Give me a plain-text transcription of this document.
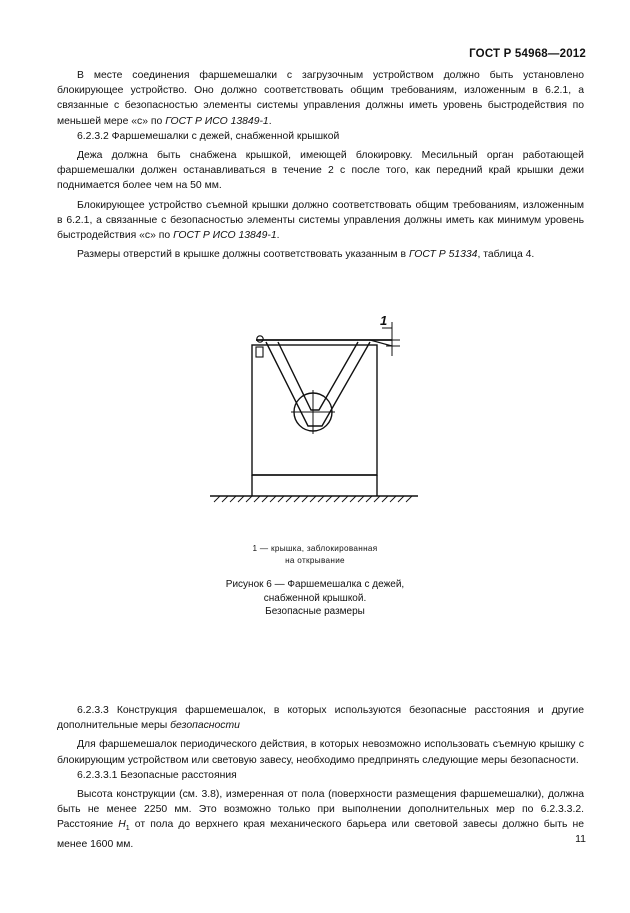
ГОСТ Р 54968—2012

В месте соединения фаршемешалки с загрузочным устройством должно быть установлено блокирующее устройство. Оно должно соответствовать общим требованиям, изложенным в 6.2.1, а связанные с безопасностью элементы системы управления должны иметь уровень быстродействия по меньшей мере «с» по ГОСТ Р ИСО 13849-1.

6.2.3.2 Фаршемешалки с дежей, снабженной крышкой

Дежа должна быть снабжена крышкой, имеющей блокировку. Месильный орган работающей фаршемешалки должен останавливаться в течение 2 с после того, как передний край крышки дежи поднимается более чем на 50 мм.

Блокирующее устройство съемной крышки должно соответствовать общим требованиям, изложенным в 6.2.1, а связанные с безопасностью элементы системы управления должны иметь как минимум уровень быстродействия «с» по ГОСТ Р ИСО 13849-1.

Размеры отверстий в крышке должны соответствовать указанным в ГОСТ Р 51334, таблица 4.

1
1 — крышка, заблокированная
на открывание
Рисунок 6 — Фаршемешалка с дежей,
снабженной крышкой.
Безопасные размеры

6.2.3.3 Конструкция фаршемешалок, в которых используются безопасные расстояния и другие дополнительные меры безопасности

Для фаршемешалок периодического действия, в которых невозможно использовать съемную крышку с блокирующим устройством или световую завесу, необходимо предпринять следующие меры безопасности.

6.2.3.3.1 Безопасные расстояния

Высота конструкции (см. 3.8), измеренная от пола (поверхности размещения фаршемешалки), должна быть не менее 2250 мм. Это возможно только при выполнении дополнительных мер по 6.2.3.3.2. Расстояние $H_1$ от пола до верхнего края механического барьера или световой завесы должно быть не менее 1600 мм.	11
